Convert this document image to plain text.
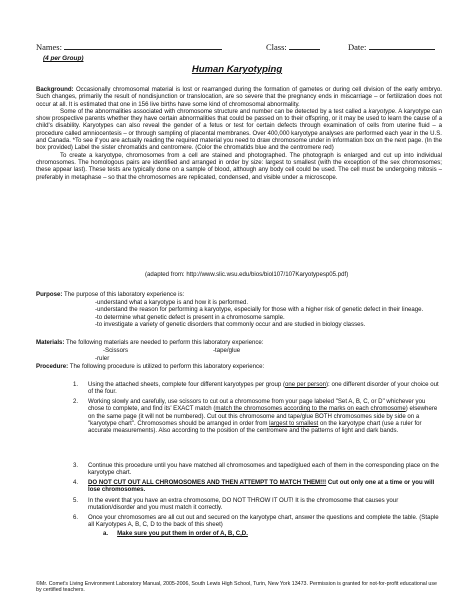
Names:	Class:	Date:
(4 per Group)
Human Karyotyping

Background: Occasionally chromosomal material is lost or rearranged during the formation of gametes or during cell division of the early embryo. Such changes, primarily the result of nondisjunction or translocation, are so severe that the pregnancy ends in miscarriage – or fertilization does not occur at all. It is estimated that one in 156 live births have some kind of chromosomal abnormality.

Some of the abnormalities associated with chromosome structure and number can be detected by a test called a karyotype. A karyotype can show prospective parents whether they have certain abnormalities that could be passed on to their offspring, or it may be used to learn the cause of a child's disability. Karyotypes can also reveal the gender of a fetus or test for certain defects through examination of cells from uterine fluid – a procedure called amniocentesis – or through sampling of placental membranes. Over 400,000 karyotype analyses are performed each year in the U.S. and Canada. *To see if you are actually reading the required material you need to draw chromosome under in information box on the next page. (In the box provided) Label the sister chromatids and centromere. (Color the chromatids blue and the centromere red)

To create a karyotype, chromosomes from a cell are stained and photographed. The photograph is enlarged and cut up into individual chromosomes. The homologous pairs are identified and arranged in order by size: largest to smallest (with the exception of the sex chromosomes; these appear last). These tests are typically done on a sample of blood, although any body cell could be used. The cell must be undergoing mitosis – preferably in metaphase – so that the chromosomes are replicated, condensed, and visible under a microscope.

(adapted from: http://www.slic.wsu.edu/bios/biol107/107Karyotypesp05.pdf)

Purpose: The purpose of this laboratory experience is:

-understand what a karyotype is and how it is performed.

-understand the reason for performing a karyotype, especially for those with a higher risk of genetic defect in their lineage.

-to determine what genetic defect is present in a chromosome sample.

-to investigate a variety of genetic disorders that commonly occur and are studied in biology classes.

Materials: The following materials are needed to perform this laboratory experience:
-Scissors	-tape/glue
-ruler
Procedure: The following procedure is utilized to perform this laboratory experience:
1. Using the attached sheets, complete four different karyotypes per group (one per person): one different disorder of your choice out of the four.
2. Working slowly and carefully, use scissors to cut out a chromosome from your page labeled "Set A, B, C, or D" whichever you chose to complete, and find its' EXACT match (match the chromosomes according to the marks on each chromosome) elsewhere on the same page (it will not be numbered). Cut out this chromosome and tape/glue BOTH chromosomes side by side on a "karyotype chart". Chromosomes should be arranged in order from largest to smallest on the karyotype chart (use a ruler for accurate measurements). Also according to the position of the centromere and the patterns of light and dark bands.
3. Continue this procedure until you have matched all chromosomes and taped/glued each of them in the corresponding place on the karyotype chart.
4. DO NOT CUT OUT ALL CHROMOSOMES AND THEN ATTEMPT TO MATCH THEM!!! Cut out only one at a time or you will lose chromosomes.
5. In the event that you have an extra chromosome, DO NOT THROW IT OUT! It is the chromosome that causes your mutation/disorder and you must match it correctly.
6. Once your chromosomes are all cut out and secured on the karyotype chart, answer the questions and complete the table. (Staple all Karyotypes A, B, C, D to the back of this sheet)
a. Make sure you put them in order of A, B, C,D.
©Mr. Comet's Living Environment Laboratory Manual, 2005-2006, South Lewis High School, Turin, New York 13473. Permission is granted for not-for-profit educational use by certified teachers.
